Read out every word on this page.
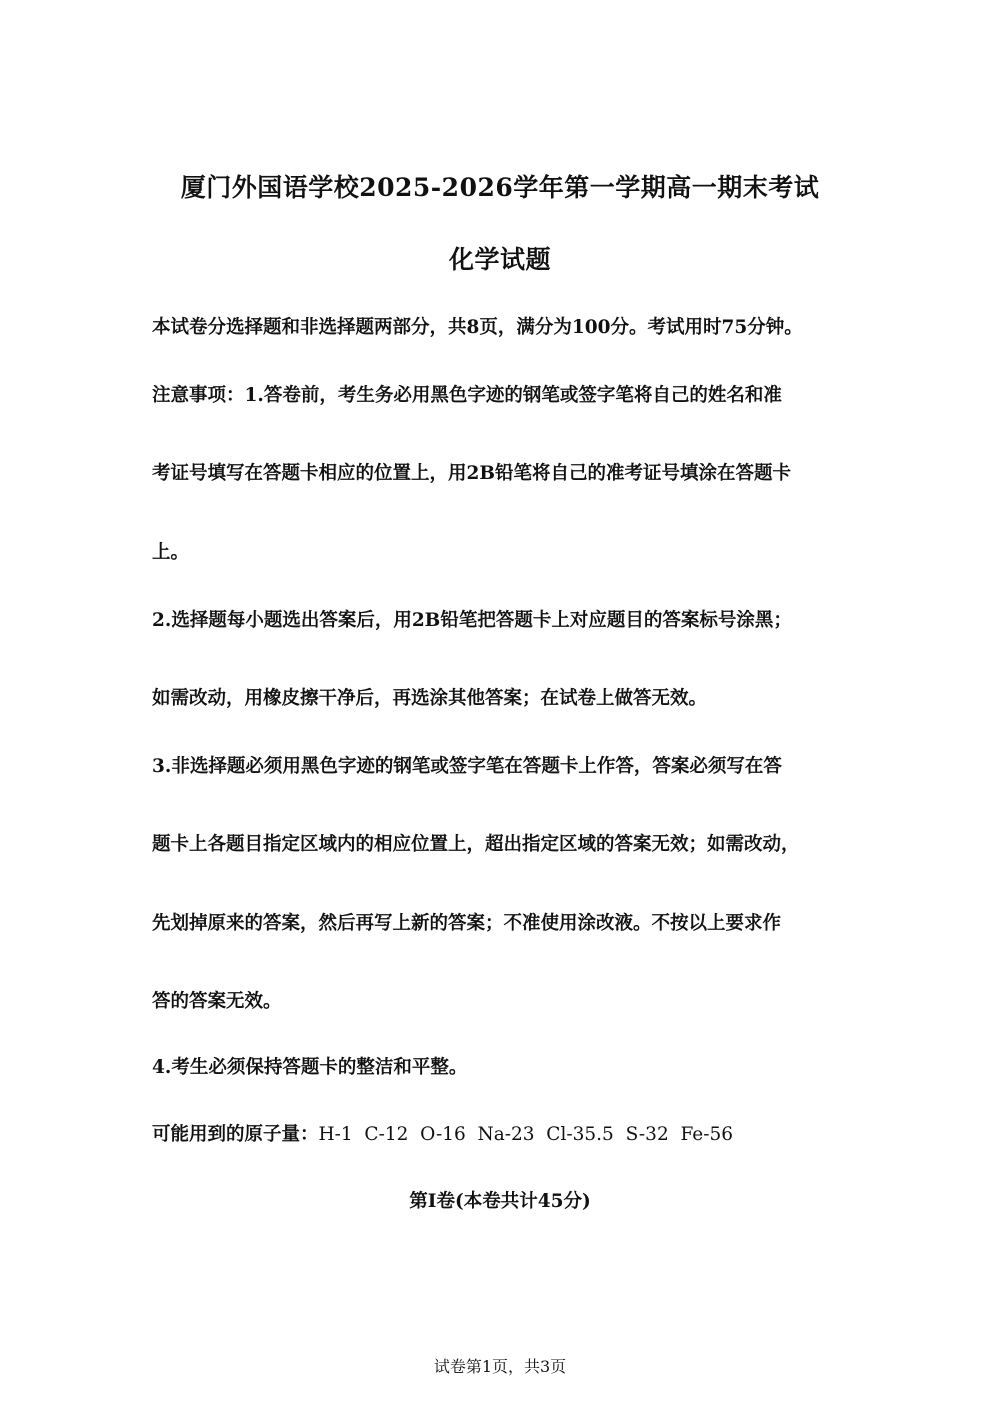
厦门外国语学校2025-2026学年第一学期高一期末考试
化学试题
本试卷分选择题和非选择题两部分，共8页，满分为100分。考试用时75分钟。
注意事项：1.答卷前，考生务必用黑色字迹的钢笔或签字笔将自己的姓名和准
考证号填写在答题卡相应的位置上，用2B铅笔将自己的准考证号填涂在答题卡
上。
2.选择题每小题选出答案后，用2B铅笔把答题卡上对应题目的答案标号涂黑；
如需改动，用橡皮擦干净后，再选涂其他答案；在试卷上做答无效。
3.非选择题必须用黑色字迹的钢笔或签字笔在答题卡上作答，答案必须写在答
题卡上各题目指定区域内的相应位置上，超出指定区域的答案无效；如需改动，
先划掉原来的答案，然后再写上新的答案；不准使用涂改液。不按以上要求作
答的答案无效。
4.考生必须保持答题卡的整洁和平整。
可能用到的原子量：H-1  C-12  O-16  Na-23  Cl-35.5  S-32  Fe-56
第I卷(本卷共计45分)
试卷第1页，共3页
